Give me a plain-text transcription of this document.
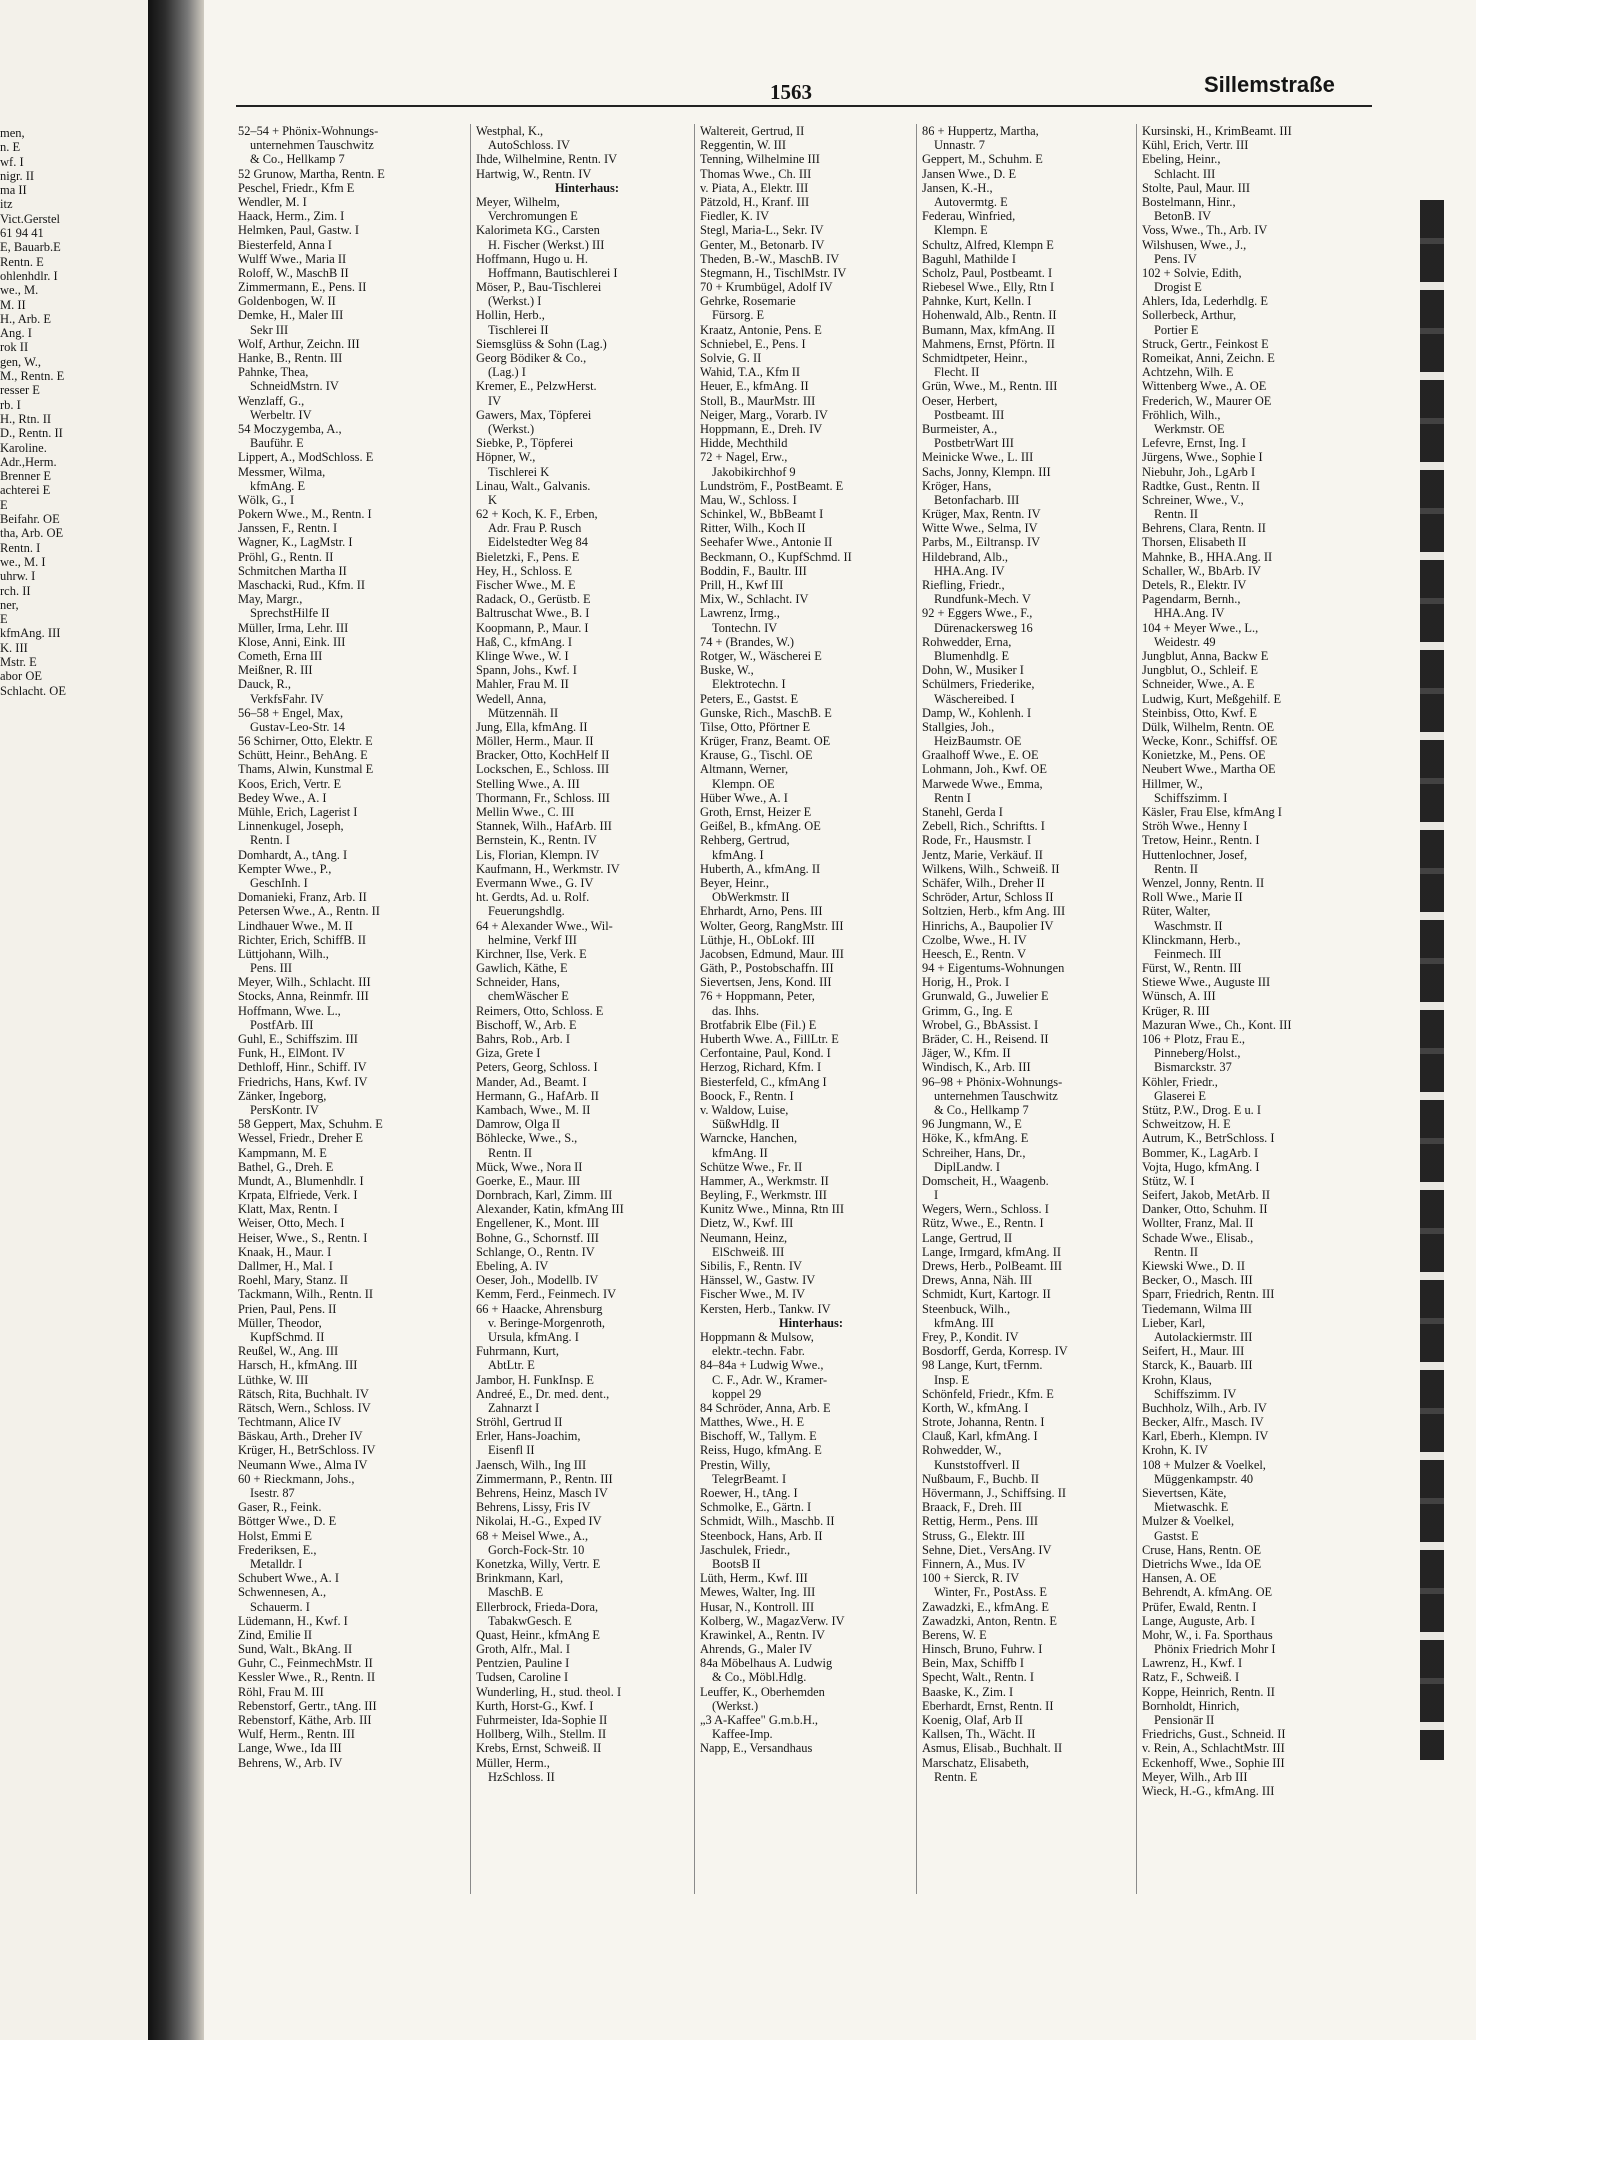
men,
n. E
wf. I
nigr. II
ma II
itz
Vict.Gerstel
61 94 41
E, Bauarb.E
Rentn. E
ohlenhdlr. I
we., M.
M. II
H., Arb. E
Ang. I
rok II
gen, W.,
M., Rentn. E
resser E
rb. I
H., Rtn. II
D., Rentn. II
Karoline.
Adr.,Herm.
Brenner E
achterei E
E
Beifahr. OE
tha, Arb. OE
Rentn. I
we., M. I
uhrw. I
rch. II
ner,
E
kfmAng. III
K. III
Mstr. E
abor OE
Schlacht. OE
1563	Sillemstraße
52–54 + Phönix-Wohnungs-
unternehmen Tauschwitz
& Co., Hellkamp 7
52 Grunow, Martha, Rentn. E
Peschel, Friedr., Kfm E
Wendler, M. I
Haack, Herm., Zim. I
Helmken, Paul, Gastw. I
Biesterfeld, Anna I
Wulff Wwe., Maria II
Roloff, W., MaschB II
Zimmermann, E., Pens. II
Goldenbogen, W. II
Demke, H., Maler III
Sekr III
Wolf, Arthur, Zeichn. III
Hanke, B., Rentn. III
Pahnke, Thea,
SchneidMstrn. IV
Wenzlaff, G.,
Werbeltr. IV
54 Moczygemba, A.,
Bauführ. E
Lippert, A., ModSchloss. E
Messmer, Wilma,
kfmAng. E
Wölk, G., I
Pokern Wwe., M., Rentn. I
Janssen, F., Rentn. I
Wagner, K., LagMstr. I
Pröhl, G., Rentn. II
Schmitchen Martha II
Maschacki, Rud., Kfm. II
May, Margr.,
SprechstHilfe II
Müller, Irma, Lehr. III
Klose, Anni, Eink. III
Cometh, Erna III
Meißner, R. III
Dauck, R.,
VerkfsFahr. IV
56–58 + Engel, Max,
Gustav-Leo-Str. 14
56 Schirner, Otto, Elektr. E
Schütt, Heinr., BehAng. E
Thams, Alwin, Kunstmal E
Koos, Erich, Vertr. E
Bedey Wwe., A. I
Mühle, Erich, Lagerist I
Linnenkugel, Joseph,
Rentn. I
Domhardt, A., tAng. I
Kempter Wwe., P.,
GeschInh. I
Domanieki, Franz, Arb. II
Petersen Wwe., A., Rentn. II
Lindhauer Wwe., M. II
Richter, Erich, SchiffB. II
Lüttjohann, Wilh.,
Pens. III
Meyer, Wilh., Schlacht. III
Stocks, Anna, Reinmfr. III
Hoffmann, Wwe. L.,
PostfArb. III
Guhl, E., Schiffszim. III
Funk, H., ElMont. IV
Dethloff, Hinr., Schiff. IV
Friedrichs, Hans, Kwf. IV
Zänker, Ingeborg,
PersKontr. IV
58 Geppert, Max, Schuhm. E
Wessel, Friedr., Dreher E
Kampmann, M. E
Bathel, G., Dreh. E
Mundt, A., Blumenhdlr. I
Krpata, Elfriede, Verk. I
Klatt, Max, Rentn. I
Weiser, Otto, Mech. I
Heiser, Wwe., S., Rentn. I
Knaak, H., Maur. I
Dallmer, H., Mal. I
Roehl, Mary, Stanz. II
Tackmann, Wilh., Rentn. II
Prien, Paul, Pens. II
Müller, Theodor,
KupfSchmd. II
Reußel, W., Ang. III
Harsch, H., kfmAng. III
Lüthke, W. III
Rätsch, Rita, Buchhalt. IV
Rätsch, Wern., Schloss. IV
Techtmann, Alice IV
Bäskau, Arth., Dreher IV
Krüger, H., BetrSchloss. IV
Neumann Wwe., Alma IV
60 + Rieckmann, Johs.,
Isestr. 87
Gaser, R., Feink.
Böttger Wwe., D. E
Holst, Emmi E
Frederiksen, E.,
Metalldr. I
Schubert Wwe., A. I
Schwennesen, A.,
Schauerm. I
Lüdemann, H., Kwf. I
Zind, Emilie II
Sund, Walt., BkAng. II
Guhr, C., FeinmechMstr. II
Kessler Wwe., R., Rentn. II
Röhl, Frau M. III
Rebenstorf, Gertr., tAng. III
Rebenstorf, Käthe, Arb. III
Wulf, Herm., Rentn. III
Lange, Wwe., Ida III
Behrens, W., Arb. IV
Westphal, K.,
AutoSchloss. IV
Ihde, Wilhelmine, Rentn. IV
Hartwig, W., Rentn. IV
Hinterhaus:
Meyer, Wilhelm,
Verchromungen E
Kalorimeta KG., Carsten
H. Fischer (Werkst.) III
Hoffmann, Hugo u. H.
Hoffmann, Bautischlerei I
Möser, P., Bau-Tischlerei
(Werkst.) I
Hollin, Herb.,
Tischlerei II
Siemsglüss & Sohn (Lag.)
Georg Bödiker & Co.,
(Lag.) I
Kremer, E., PelzwHerst.
IV
Gawers, Max, Töpferei
(Werkst.)
Siebke, P., Töpferei
Höpner, W.,
Tischlerei K
Linau, Walt., Galvanis.
K
62 + Koch, K. F., Erben,
Adr. Frau P. Rusch
Eidelstedter Weg 84
Bieletzki, F., Pens. E
Hey, H., Schloss. E
Fischer Wwe., M. E
Radack, O., Gerüstb. E
Baltruschat Wwe., B. I
Koopmann, P., Maur. I
Haß, C., kfmAng. I
Klinge Wwe., W. I
Spann, Johs., Kwf. I
Mahler, Frau M. II
Wedell, Anna,
Mützennäh. II
Jung, Ella, kfmAng. II
Möller, Herm., Maur. II
Bracker, Otto, KochHelf II
Lockschen, E., Schloss. III
Stelling Wwe., A. III
Thormann, Fr., Schloss. III
Mellin Wwe., C. III
Stannek, Wilh., HafArb. III
Bernstein, K., Rentn. IV
Lis, Florian, Klempn. IV
Kaufmann, H., Werkmstr. IV
Evermann Wwe., G. IV
ht. Gerdts, Ad. u. Rolf.
Feuerungshdlg.
64 + Alexander Wwe., Wil-
helmine, Verkf III
Kirchner, Ilse, Verk. E
Gawlich, Käthe, E
Schneider, Hans,
chemWäscher E
Reimers, Otto, Schloss. E
Bischoff, W., Arb. E
Bahrs, Rob., Arb. I
Giza, Grete I
Peters, Georg, Schloss. I
Mander, Ad., Beamt. I
Hermann, G., HafArb. II
Kambach, Wwe., M. II
Damrow, Olga II
Böhlecke, Wwe., S.,
Rentn. II
Mück, Wwe., Nora II
Goerke, E., Maur. III
Dornbrach, Karl, Zimm. III
Alexander, Katin, kfmAng III
Engellener, K., Mont. III
Bohne, G., Schornstf. III
Schlange, O., Rentn. IV
Ebeling, A. IV
Oeser, Joh., Modellb. IV
Kemm, Ferd., Feinmech. IV
66 + Haacke, Ahrensburg
v. Beringe-Morgenroth,
Ursula, kfmAng. I
Fuhrmann, Kurt,
AbtLtr. E
Jambor, H. FunkInsp. E
Andreé, E., Dr. med. dent.,
Zahnarzt I
Ströhl, Gertrud II
Erler, Hans-Joachim,
Eisenfl II
Jaensch, Wilh., Ing III
Zimmermann, P., Rentn. III
Behrens, Heinz, Masch IV
Behrens, Lissy, Fris IV
Nikolai, H.-G., Exped IV
68 + Meisel Wwe., A.,
Gorch-Fock-Str. 10
Konetzka, Willy, Vertr. E
Brinkmann, Karl,
MaschB. E
Ellerbrock, Frieda-Dora,
TabakwGesch. E
Quast, Heinr., kfmAng E
Groth, Alfr., Mal. I
Pentzien, Pauline I
Tudsen, Caroline I
Wunderling, H., stud. theol. I
Kurth, Horst-G., Kwf. I
Fuhrmeister, Ida-Sophie II
Hollberg, Wilh., Stellm. II
Krebs, Ernst, Schweiß. II
Müller, Herm.,
HzSchloss. II
Waltereit, Gertrud, II
Reggentin, W. III
Tenning, Wilhelmine III
Thomas Wwe., Ch. III
v. Piata, A., Elektr. III
Pätzold, H., Kranf. III
Fiedler, K. IV
Stegl, Maria-L., Sekr. IV
Genter, M., Betonarb. IV
Theden, B.-W., MaschB. IV
Stegmann, H., TischlMstr. IV
70 + Krumbügel, Adolf IV
Gehrke, Rosemarie
Fürsorg. E
Kraatz, Antonie, Pens. E
Schniebel, E., Pens. I
Solvie, G. II
Wahid, T.A., Kfm II
Heuer, E., kfmAng. II
Stoll, B., MaurMstr. III
Neiger, Marg., Vorarb. IV
Hoppmann, E., Dreh. IV
Hidde, Mechthild
72 + Nagel, Erw.,
Jakobikirchhof 9
Lundström, F., PostBeamt. E
Mau, W., Schloss. I
Schinkel, W., BbBeamt I
Ritter, Wilh., Koch II
Seehafer Wwe., Antonie II
Beckmann, O., KupfSchmd. II
Boddin, F., Baultr. III
Prill, H., Kwf III
Mix, W., Schlacht. IV
Lawrenz, Irmg.,
Tontechn. IV
74 + (Brandes, W.)
Rotger, W., Wäscherei E
Buske, W.,
Elektrotechn. I
Peters, E., Gastst. E
Gunske, Rich., MaschB. E
Tilse, Otto, Pförtner E
Krüger, Franz, Beamt. OE
Krause, G., Tischl. OE
Altmann, Werner,
Klempn. OE
Hüber Wwe., A. I
Groth, Ernst, Heizer E
Geißel, B., kfmAng. OE
Rehberg, Gertrud,
kfmAng. I
Huberth, A., kfmAng. II
Beyer, Heinr.,
ObWerkmstr. II
Ehrhardt, Arno, Pens. III
Wolter, Georg, RangMstr. III
Lüthje, H., ObLokf. III
Jacobsen, Edmund, Maur. III
Gäth, P., Postobschaffn. III
Sievertsen, Jens, Kond. III
76 + Hoppmann, Peter,
das. Ihhs.
Brotfabrik Elbe (Fil.) E
Huberth Wwe. A., FillLtr. E
Cerfontaine, Paul, Kond. I
Herzog, Richard, Kfm. I
Biesterfeld, C., kfmAng I
Boock, F., Rentn. I
v. Waldow, Luise,
SüßwHdlg. II
Warncke, Hanchen,
kfmAng. II
Schütze Wwe., Fr. II
Hammer, A., Werkmstr. II
Beyling, F., Werkmstr. III
Kunitz Wwe., Minna, Rtn III
Dietz, W., Kwf. III
Neumann, Heinz,
ElSchweiß. III
Sibilis, F., Rentn. IV
Hänssel, W., Gastw. IV
Fischer Wwe., M. IV
Kersten, Herb., Tankw. IV
Hinterhaus:
Hoppmann & Mulsow,
elektr.-techn. Fabr.
84–84a + Ludwig Wwe.,
C. F., Adr. W., Kramer-
koppel 29
84 Schröder, Anna, Arb. E
Matthes, Wwe., H. E
Bischoff, W., Tallym. E
Reiss, Hugo, kfmAng. E
Prestin, Willy,
TelegrBeamt. I
Roewer, H., tAng. I
Schmolke, E., Gärtn. I
Schmidt, Wilh., Maschb. II
Steenbock, Hans, Arb. II
Jaschulek, Friedr.,
BootsB II
Lüth, Herm., Kwf. III
Mewes, Walter, Ing. III
Husar, N., Kontroll. III
Kolberg, W., MagazVerw. IV
Krawinkel, A., Rentn. IV
Ahrends, G., Maler IV
84a Möbelhaus A. Ludwig
& Co., Möbl.Hdlg.
Leuffer, K., Oberhemden
(Werkst.)
„3 A-Kaffee" G.m.b.H.,
Kaffee-Imp.
Napp, E., Versandhaus
86 + Huppertz, Martha,
Unnastr. 7
Geppert, M., Schuhm. E
Jansen Wwe., D. E
Jansen, K.-H.,
Autovermtg. E
Federau, Winfried,
Klempn. E
Schultz, Alfred, Klempn E
Baguhl, Mathilde I
Scholz, Paul, Postbeamt. I
Riebesel Wwe., Elly, Rtn I
Pahnke, Kurt, Kelln. I
Hohenwald, Alb., Rentn. II
Bumann, Max, kfmAng. II
Mahmens, Ernst, Pförtn. II
Schmidtpeter, Heinr.,
Flecht. II
Grün, Wwe., M., Rentn. III
Oeser, Herbert,
Postbeamt. III
Burmeister, A.,
PostbetrWart III
Meinicke Wwe., L. III
Sachs, Jonny, Klempn. III
Kröger, Hans,
Betonfacharb. III
Krüger, Max, Rentn. IV
Witte Wwe., Selma, IV
Parbs, M., Eiltransp. IV
Hildebrand, Alb.,
HHA.Ang. IV
Riefling, Friedr.,
Rundfunk-Mech. V
92 + Eggers Wwe., F.,
Dürenackersweg 16
Rohwedder, Erna,
Blumenhdlg. E
Dohn, W., Musiker I
Schülmers, Friederike,
Wäschereibed. I
Damp, W., Kohlenh. I
Stallgies, Joh.,
HeizBaumstr. OE
Graalhoff Wwe., E. OE
Lohmann, Joh., Kwf. OE
Marwede Wwe., Emma,
Rentn I
Stanehl, Gerda I
Zebell, Rich., Schriftts. I
Rode, Fr., Hausmstr. I
Jentz, Marie, Verkäuf. II
Wilkens, Wilh., Schweiß. II
Schäfer, Wilh., Dreher II
Schröder, Artur, Schloss II
Soltzien, Herb., kfm Ang. III
Hinrichs, A., Baupolier IV
Czolbe, Wwe., H. IV
Heesch, E., Rentn. V
94 + Eigentums-Wohnungen
Horig, H., Prok. I
Grunwald, G., Juwelier E
Grimm, G., Ing. E
Wrobel, G., BbAssist. I
Bräder, C. H., Reisend. II
Jäger, W., Kfm. II
Windisch, K., Arb. III
96–98 + Phönix-Wohnungs-
unternehmen Tauschwitz
& Co., Hellkamp 7
96 Jungmann, W., E
Höke, K., kfmAng. E
Schreiher, Hans, Dr.,
DiplLandw. I
Domscheit, H., Waagenb.
I
Wegers, Wern., Schloss. I
Rütz, Wwe., E., Rentn. I
Lange, Gertrud, II
Lange, Irmgard, kfmAng. II
Drews, Herb., PolBeamt. III
Drews, Anna, Näh. III
Schmidt, Kurt, Kartogr. II
Steenbuck, Wilh.,
kfmAng. III
Frey, P., Kondit. IV
Bosdorff, Gerda, Korresp. IV
98 Lange, Kurt, tFernm.
Insp. E
Schönfeld, Friedr., Kfm. E
Korth, W., kfmAng. I
Strote, Johanna, Rentn. I
Clauß, Karl, kfmAng. I
Rohwedder, W.,
Kunststoffverl. II
Nußbaum, F., Buchb. II
Hövermann, J., Schiffsing. II
Braack, F., Dreh. III
Rettig, Herm., Pens. III
Struss, G., Elektr. III
Sehne, Diet., VersAng. IV
Finnern, A., Mus. IV
100 + Sierck, R. IV
Winter, Fr., PostAss. E
Zawadzki, E., kfmAng. E
Zawadzki, Anton, Rentn. E
Berens, W. E
Hinsch, Bruno, Fuhrw. I
Bein, Max, Schiffb I
Specht, Walt., Rentn. I
Baaske, K., Zim. I
Eberhardt, Ernst, Rentn. II
Koenig, Olaf, Arb II
Kallsen, Th., Wächt. II
Asmus, Elisab., Buchhalt. II
Marschatz, Elisabeth,
Rentn. E
Kursinski, H., KrimBeamt. III
Kühl, Erich, Vertr. III
Ebeling, Heinr.,
Schlacht. III
Stolte, Paul, Maur. III
Bostelmann, Hinr.,
BetonB. IV
Voss, Wwe., Th., Arb. IV
Wilshusen, Wwe., J.,
Pens. IV
102 + Solvie, Edith,
Drogist E
Ahlers, Ida, Lederhdlg. E
Sollerbeck, Arthur,
Portier E
Struck, Gertr., Feinkost E
Romeikat, Anni, Zeichn. E
Achtzehn, Wilh. E
Wittenberg Wwe., A. OE
Frederich, W., Maurer OE
Fröhlich, Wilh.,
Werkmstr. OE
Lefevre, Ernst, Ing. I
Jürgens, Wwe., Sophie I
Niebuhr, Joh., LgArb I
Radtke, Gust., Rentn. II
Schreiner, Wwe., V.,
Rentn. II
Behrens, Clara, Rentn. II
Thorsen, Elisabeth II
Mahnke, B., HHA.Ang. II
Schaller, W., BbArb. IV
Detels, R., Elektr. IV
Pagendarm, Bernh.,
HHA.Ang. IV
104 + Meyer Wwe., L.,
Weidestr. 49
Jungblut, Anna, Backw E
Jungblut, O., Schleif. E
Schneider, Wwe., A. E
Ludwig, Kurt, Meßgehilf. E
Steinbiss, Otto, Kwf. E
Dülk, Wilhelm, Rentn. OE
Wecke, Konr., Schiffsf. OE
Konietzke, M., Pens. OE
Neubert Wwe., Martha OE
Hillmer, W.,
Schiffszimm. I
Käsler, Frau Else, kfmAng I
Ströh Wwe., Henny I
Tretow, Heinr., Rentn. I
Huttenlochner, Josef,
Rentn. II
Wenzel, Jonny, Rentn. II
Roll Wwe., Marie II
Rüter, Walter,
Waschmstr. II
Klinckmann, Herb.,
Feinmech. III
Fürst, W., Rentn. III
Stiewe Wwe., Auguste III
Wünsch, A. III
Krüger, R. III
Mazuran Wwe., Ch., Kont. III
106 + Plotz, Frau E.,
Pinneberg/Holst.,
Bismarckstr. 37
Köhler, Friedr.,
Glaserei E
Stütz, P.W., Drog. E u. I
Schweitzow, H. E
Autrum, K., BetrSchloss. I
Bommer, K., LagArb. I
Vojta, Hugo, kfmAng. I
Stütz, W. I
Seifert, Jakob, MetArb. II
Danker, Otto, Schuhm. II
Wollter, Franz, Mal. II
Schade Wwe., Elisab.,
Rentn. II
Kiewski Wwe., D. II
Becker, O., Masch. III
Sparr, Friedrich, Rentn. III
Tiedemann, Wilma III
Lieber, Karl,
Autolackiermstr. III
Seifert, H., Maur. III
Starck, K., Bauarb. III
Krohn, Klaus,
Schiffszimm. IV
Buchholz, Wilh., Arb. IV
Becker, Alfr., Masch. IV
Karl, Eberh., Klempn. IV
Krohn, K. IV
108 + Mulzer & Voelkel,
Müggenkampstr. 40
Sievertsen, Käte,
Mietwaschk. E
Mulzer & Voelkel,
Gastst. E
Cruse, Hans, Rentn. OE
Dietrichs Wwe., Ida OE
Hansen, A. OE
Behrendt, A. kfmAng. OE
Prüfer, Ewald, Rentn. I
Lange, Auguste, Arb. I
Mohr, W., i. Fa. Sporthaus
Phönix Friedrich Mohr I
Lawrenz, H., Kwf. I
Ratz, F., Schweiß. I
Koppe, Heinrich, Rentn. II
Bornholdt, Hinrich,
Pensionär II
Friedrichs, Gust., Schneid. II
v. Rein, A., SchlachtMstr. III
Eckenhoff, Wwe., Sophie III
Meyer, Wilh., Arb III
Wieck, H.-G., kfmAng. III
